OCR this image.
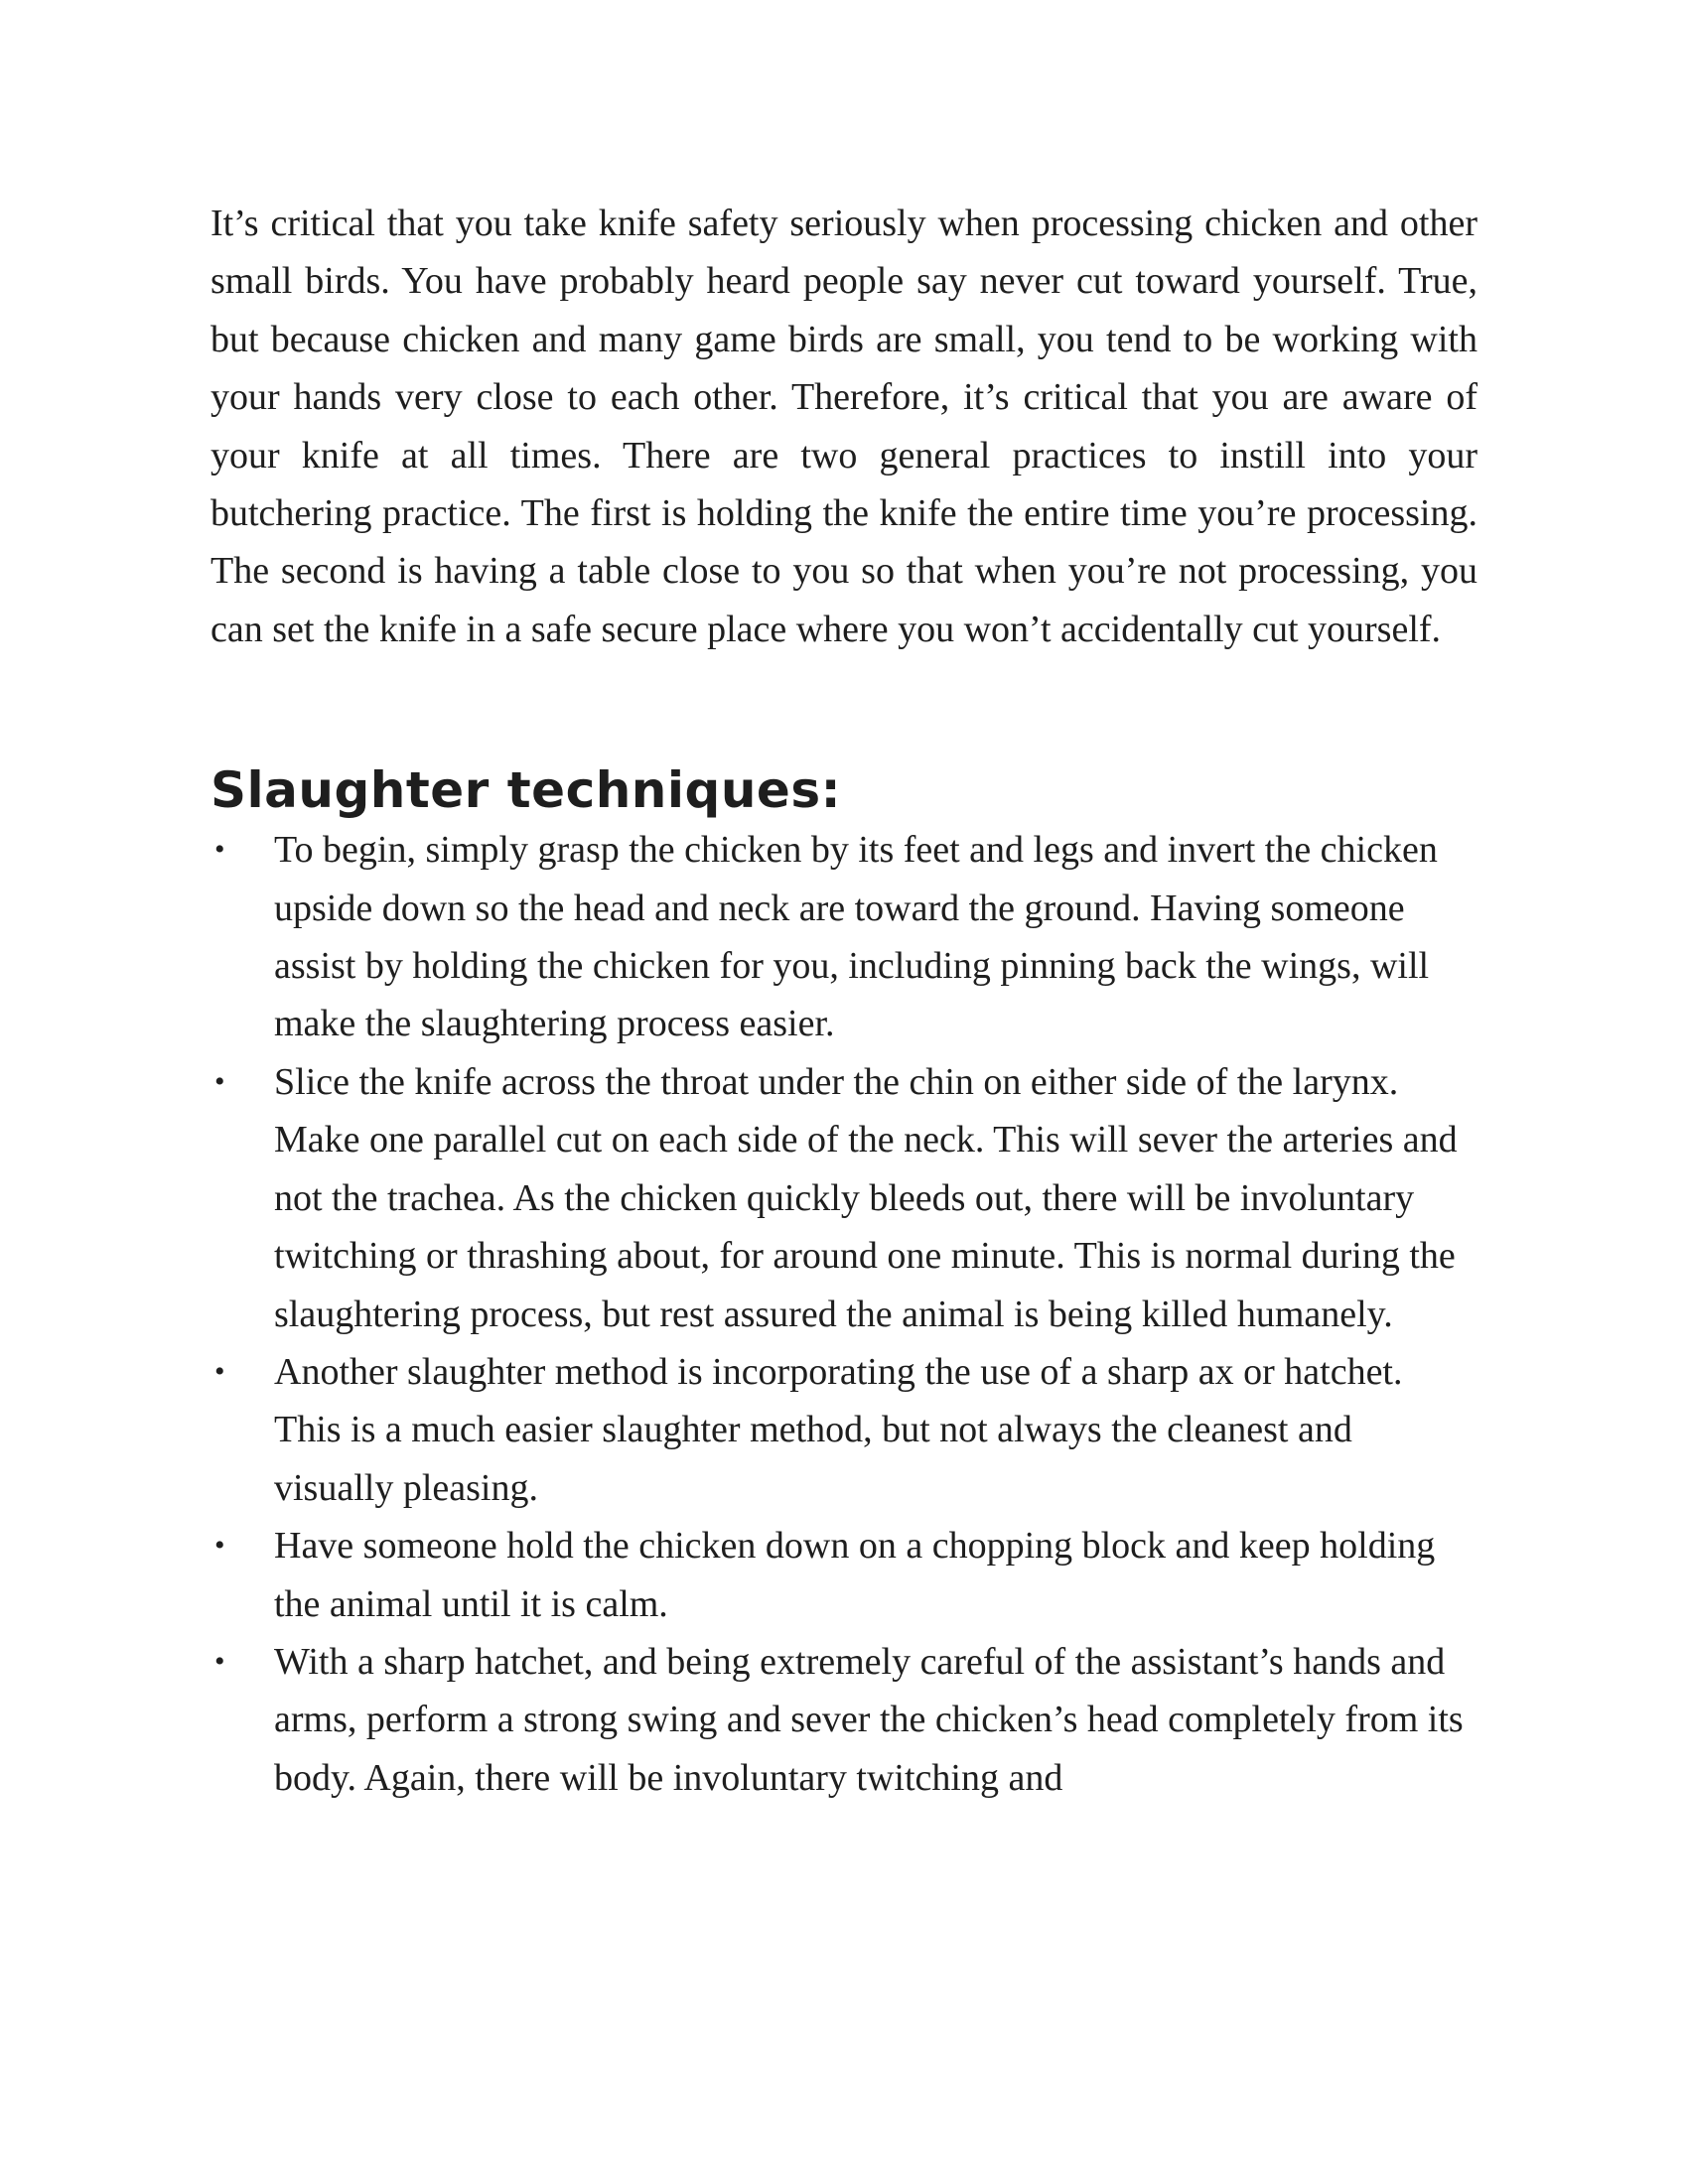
It’s critical that you take knife safety seriously when processing chicken and other small birds. You have probably heard people say never cut toward yourself. True, but because chicken and many game birds are small, you tend to be working with your hands very close to each other. Therefore, it’s critical that you are aware of your knife at all times. There are two general practices to instill into your butchering practice. The first is holding the knife the entire time you’re processing. The second is having a table close to you so that when you’re not processing, you can set the knife in a safe secure place where you won’t accidentally cut yourself.

Slaughter techniques:
• To begin, simply grasp the chicken by its feet and legs and invert the chicken upside down so the head and neck are toward the ground. Having someone assist by holding the chicken for you, including pinning back the wings, will make the slaughtering process easier.
• Slice the knife across the throat under the chin on either side of the larynx. Make one parallel cut on each side of the neck. This will sever the arteries and not the trachea. As the chicken quickly bleeds out, there will be involuntary twitching or thrashing about, for around one minute. This is normal during the slaughtering process, but rest assured the animal is being killed humanely.
• Another slaughter method is incorporating the use of a sharp ax or hatchet. This is a much easier slaughter method, but not always the cleanest and visually pleasing.
• Have someone hold the chicken down on a chopping block and keep holding the animal until it is calm.
• With a sharp hatchet, and being extremely careful of the assistant’s hands and arms, perform a strong swing and sever the chicken’s head completely from its body. Again, there will be involuntary twitching and
